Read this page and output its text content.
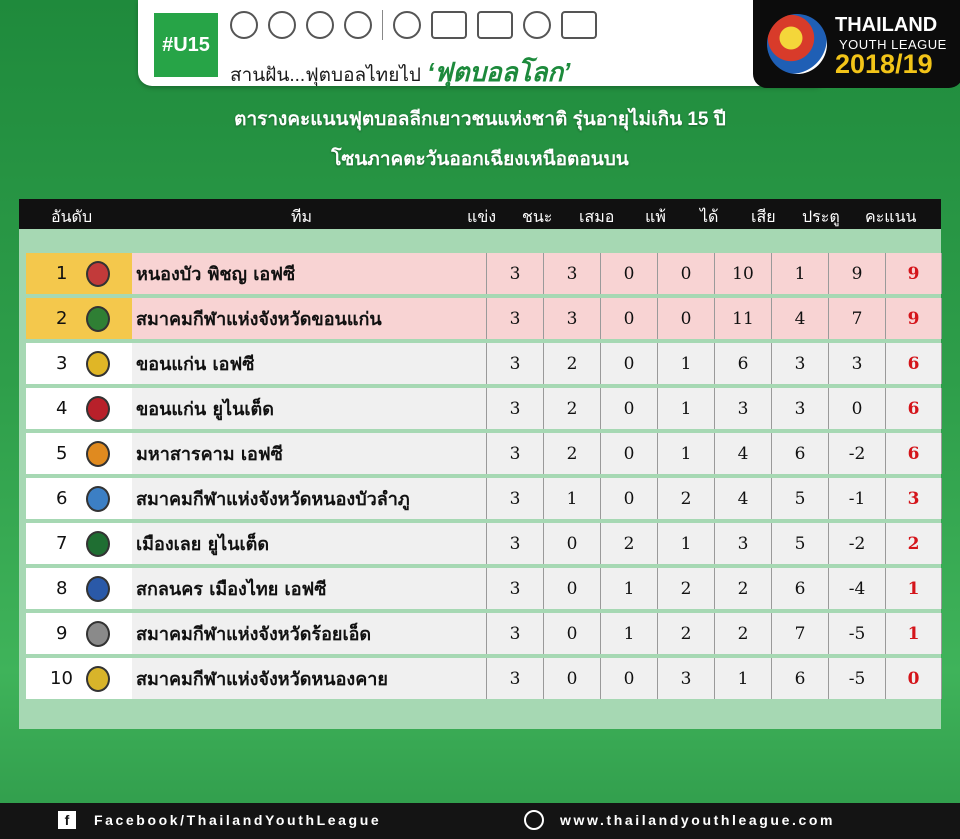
#U15
สานฝัน...ฟุตบอลไทยไป ‘ฟุตบอลโลก’
THAILAND
YOUTH LEAGUE
2018/19
ตารางคะแนนฟุตบอลลีกเยาวชนแห่งชาติ รุ่นอายุไม่เกิน 15 ปี
โซนภาคตะวันออกเฉียงเหนือตอนบน
อันดับ	ทีม	แข่ง ชนะ เสมอ แพ้ ได้ เสีย ประตู คะแนน
1	หนองบัว พิชญ เอฟซี	3	3	0	0	10	1	9	9
2	สมาคมกีฬาแห่งจังหวัดขอนแก่น	3	3	0	0	11	4	7	9
3	ขอนแก่น เอฟซี	3	2	0	1	6	3	3	6
4	ขอนแก่น ยูไนเต็ด	3	2	0	1	3	3	0	6
5	มหาสารคาม เอฟซี	3	2	0	1	4	6	-2	6
6	สมาคมกีฬาแห่งจังหวัดหนองบัวลำภู	3	1	0	2	4	5	-1	3
7	เมืองเลย ยูไนเต็ด	3	0	2	1	3	5	-2	2
8	สกลนคร เมืองไทย เอฟซี	3	0	1	2	2	6	-4	1
9	สมาคมกีฬาแห่งจังหวัดร้อยเอ็ด	3	0	1	2	2	7	-5	1
10	สมาคมกีฬาแห่งจังหวัดหนองคาย	3	0	0	3	1	6	-5	0
f	Facebook/ThailandYouthLeague	www.thailandyouthleague.com
